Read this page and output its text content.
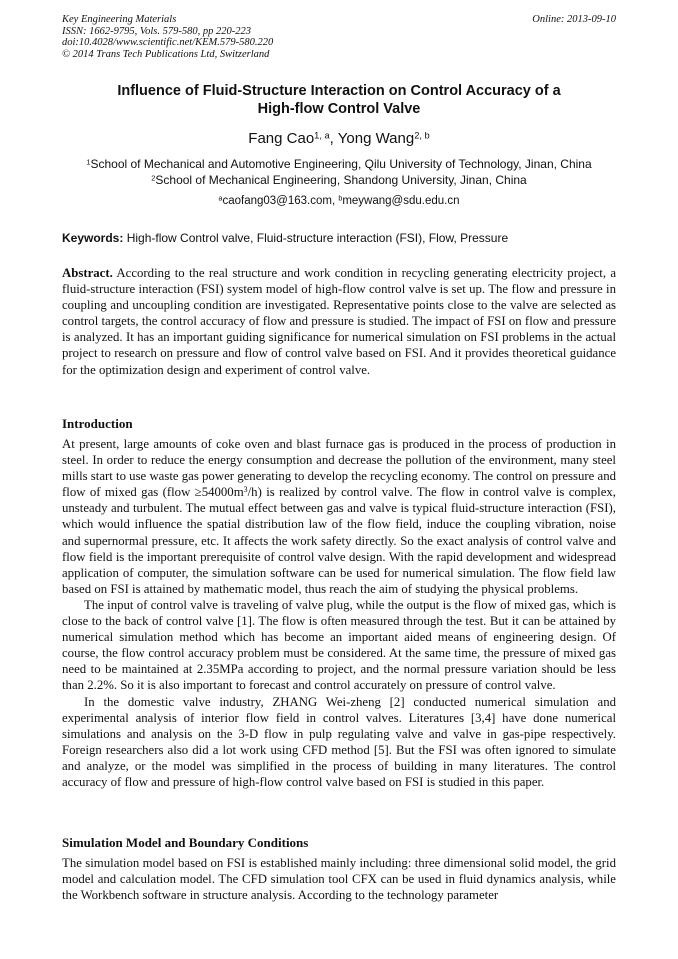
Key Engineering Materials	Online: 2013-09-10
ISSN: 1662-9795, Vols. 579-580, pp 220-223
doi:10.4028/www.scientific.net/KEM.579-580.220
© 2014 Trans Tech Publications Ltd, Switzerland
Influence of Fluid-Structure Interaction on Control Accuracy of a
High-flow Control Valve
Fang Cao$^{1, a}$, Yong Wang$^{2, b}$
$^1$School of Mechanical and Automotive Engineering, Qilu University of Technology, Jinan, China
$^2$School of Mechanical Engineering, Shandong University, Jinan, China
$^a$caofang03@163.com, $^b$meywang@sdu.edu.cn
Keywords: High-flow Control valve, Fluid-structure interaction (FSI), Flow, Pressure

Abstract. According to the real structure and work condition in recycling generating electricity project, a fluid-structure interaction (FSI) system model of high-flow control valve is set up. The flow and pressure in coupling and uncoupling condition are investigated. Representative points close to the valve are selected as control targets, the control accuracy of flow and pressure is studied. The impact of FSI on flow and pressure is analyzed. It has an important guiding significance for numerical simulation on FSI problems in the actual project to research on pressure and flow of control valve based on FSI. And it provides theoretical guidance for the optimization design and experiment of control valve.

Introduction

At present, large amounts of coke oven and blast furnace gas is produced in the process of production in steel. In order to reduce the energy consumption and decrease the pollution of the environment, many steel mills start to use waste gas power generating to develop the recycling economy. The control on pressure and flow of mixed gas (flow $\ge 54000m^3/h$) is realized by control valve. The flow in control valve is complex, unsteady and turbulent. The mutual effect between gas and valve is typical fluid-structure interaction (FSI), which would influence the spatial distribution law of the flow field, induce the coupling vibration, noise and supernormal pressure, etc. It affects the work safety directly. So the exact analysis of control valve and flow field is the important prerequisite of control valve design. With the rapid development and widespread application of computer, the simulation software can be used for numerical simulation. The flow field law based on FSI is attained by mathematic model, thus reach the aim of studying the physical problems.

The input of control valve is traveling of valve plug, while the output is the flow of mixed gas, which is close to the back of control valve [1]. The flow is often measured through the test. But it can be attained by numerical simulation method which has become an important aided means of engineering design. Of course, the flow control accuracy problem must be considered. At the same time, the pressure of mixed gas need to be maintained at 2.35MPa according to project, and the normal pressure variation should be less than 2.2%. So it is also important to forecast and control accurately on pressure of control valve.

In the domestic valve industry, ZHANG Wei-zheng [2] conducted numerical simulation and experimental analysis of interior flow field in control valves. Literatures [3,4] have done numerical simulations and analysis on the 3-D flow in pulp regulating valve and valve in gas-pipe respectively. Foreign researchers also did a lot work using CFD method [5]. But the FSI was often ignored to simulate and analyze, or the model was simplified in the process of building in many literatures. The control accuracy of flow and pressure of high-flow control valve based on FSI is studied in this paper.

Simulation Model and Boundary Conditions

The simulation model based on FSI is established mainly including: three dimensional solid model, the grid model and calculation model. The CFD simulation tool CFX can be used in fluid dynamics analysis, while the Workbench software in structure analysis. According to the technology parameter
